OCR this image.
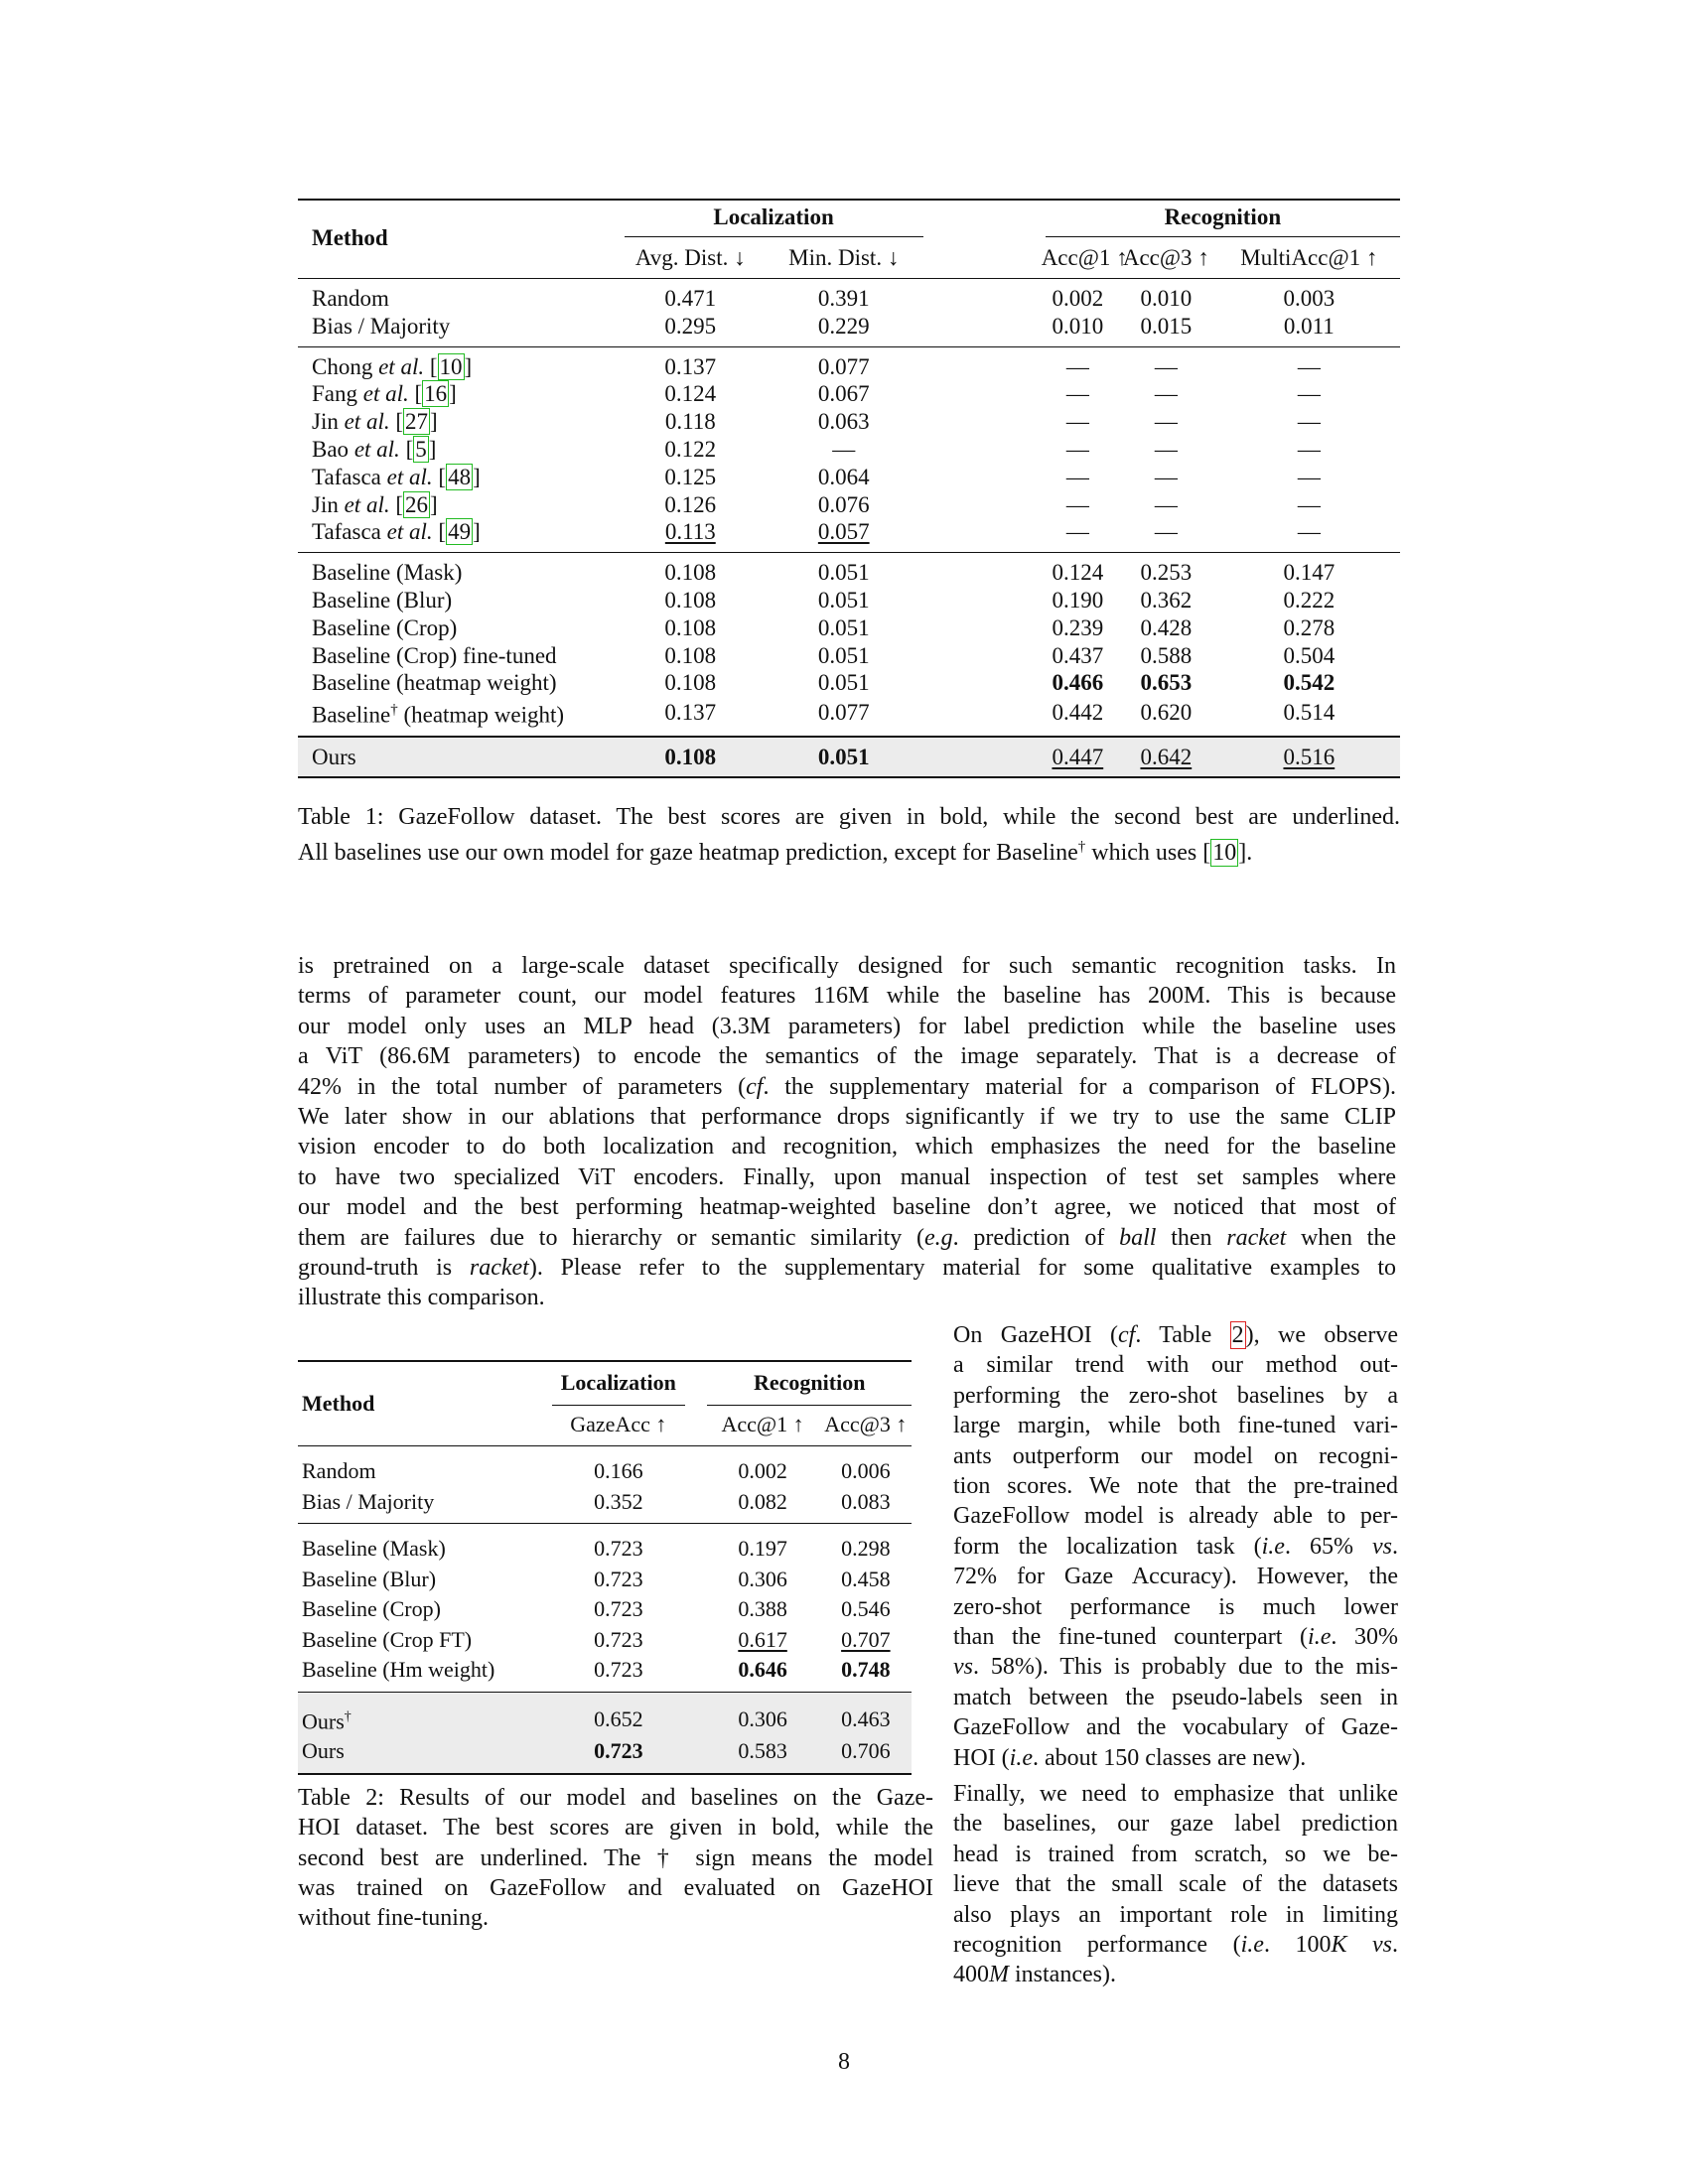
Method	Localization			Recognition		

	Avg. Dist. ↓	Min. Dist. ↓		Acc@1 ↑	Acc@3 ↑	MultiAcc@1 ↑
Random	0.471	0.391		0.002	0.010	0.003
Bias / Majority	0.295	0.229		0.010	0.015	0.011
Chong et al. [10]	0.137	0.077		—	—	—
Fang et al. [16]	0.124	0.067		—	—	—
Jin et al. [27]	0.118	0.063		—	—	—
Bao et al. [5]	0.122	—		—	—	—
Tafasca et al. [48]	0.125	0.064		—	—	—
Jin et al. [26]	0.126	0.076		—	—	—
Tafasca et al. [49]	0.113	0.057		—	—	—
Baseline (Mask)	0.108	0.051		0.124	0.253	0.147
Baseline (Blur)	0.108	0.051		0.190	0.362	0.222
Baseline (Crop)	0.108	0.051		0.239	0.428	0.278
Baseline (Crop) fine-tuned	0.108	0.051		0.437	0.588	0.504
Baseline (heatmap weight)	0.108	0.051		0.466	0.653	0.542
Baseline† (heatmap weight)	0.137	0.077		0.442	0.620	0.514
Ours	0.108	0.051		0.447	0.642	0.516
Table 1: GazeFollow dataset. The best scores are given in bold, while the second best are underlined.
All baselines use our own model for gaze heatmap prediction, except for Baseline† which uses [10].
is pretrained on a large-scale dataset specifically designed for such semantic recognition tasks. In
terms of parameter count, our model features 116M while the baseline has 200M. This is because
our model only uses an MLP head (3.3M parameters) for label prediction while the baseline uses
a ViT (86.6M parameters) to encode the semantics of the image separately. That is a decrease of
42% in the total number of parameters (cf. the supplementary material for a comparison of FLOPS).
We later show in our ablations that performance drops significantly if we try to use the same CLIP
vision encoder to do both localization and recognition, which emphasizes the need for the baseline
to have two specialized ViT encoders. Finally, upon manual inspection of test set samples where
our model and the best performing heatmap-weighted baseline don’t agree, we noticed that most of
them are failures due to hierarchy or semantic similarity (e.g. prediction of ball then racket when the
ground-truth is racket). Please refer to the supplementary material for some qualitative examples to
illustrate this comparison.
Method	Localization		Recognition	

	GazeAcc ↑		Acc@1 ↑	Acc@3 ↑
Random	0.166		0.002	0.006
Bias / Majority	0.352		0.082	0.083
Baseline (Mask)	0.723		0.197	0.298
Baseline (Blur)	0.723		0.306	0.458
Baseline (Crop)	0.723		0.388	0.546
Baseline (Crop FT)	0.723		0.617	0.707
Baseline (Hm weight)	0.723		0.646	0.748
Ours†	0.652		0.306	0.463
Ours	0.723		0.583	0.706
Table 2: Results of our model and baselines on the Gaze-
HOI dataset. The best scores are given in bold, while the
second best are underlined. The † sign means the model
was trained on GazeFollow and evaluated on GazeHOI
without fine-tuning.
On GazeHOI (cf. Table 2), we observe
a similar trend with our method out-
performing the zero-shot baselines by a
large margin, while both fine-tuned vari-
ants outperform our model on recogni-
tion scores. We note that the pre-trained
GazeFollow model is already able to per-
form the localization task (i.e. 65% vs.
72% for Gaze Accuracy). However, the
zero-shot performance is much lower
than the fine-tuned counterpart (i.e. 30%
vs. 58%). This is probably due to the mis-
match between the pseudo-labels seen in
GazeFollow and the vocabulary of Gaze-
HOI (i.e. about 150 classes are new).
Finally, we need to emphasize that unlike
the baselines, our gaze label prediction
head is trained from scratch, so we be-
lieve that the small scale of the datasets
also plays an important role in limiting
recognition performance (i.e. 100K vs.
400M instances).
8
